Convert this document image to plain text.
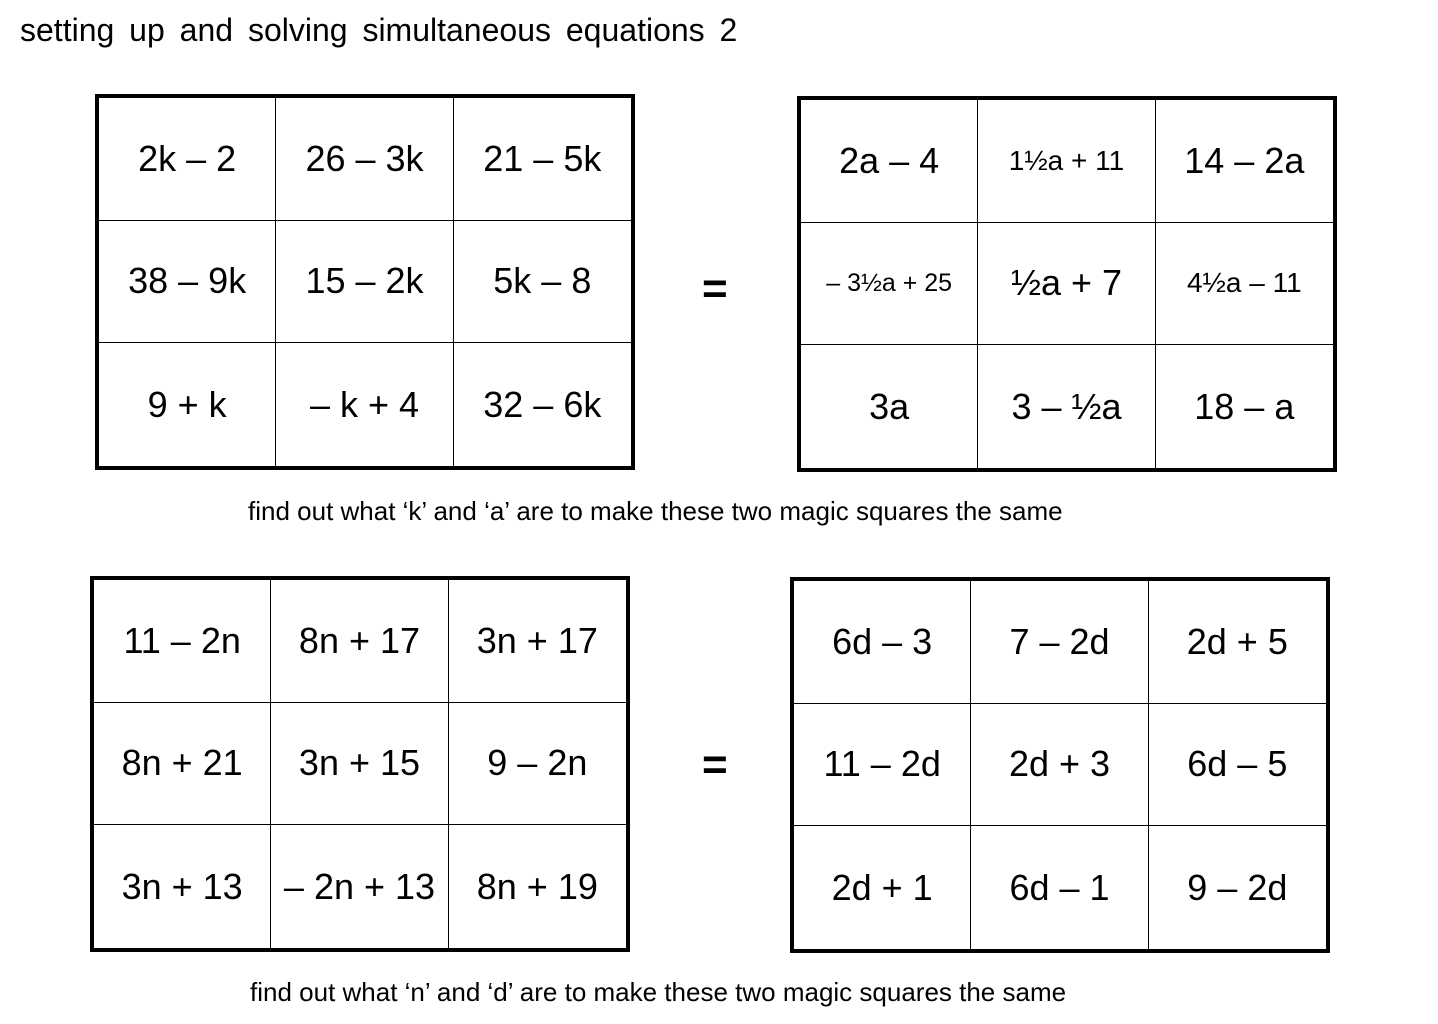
setting up and solving simultaneous equations 2
2k – 2	26 – 3k	21 – 5k
38 – 9k	15 – 2k	5k – 8
9 + k	– k + 4	32 – 6k
=
2a – 4	1½a + 11	14 – 2a
– 3½a + 25	½a + 7	4½a – 11
3a	3 – ½a	18 – a
find out what ‘k’ and ‘a’ are to make these two magic squares the same
11 – 2n	8n + 17	3n + 17
8n + 21	3n + 15	9 – 2n
3n + 13	– 2n + 13	8n + 19
=
6d – 3	7 – 2d	2d + 5
11 – 2d	2d + 3	6d – 5
2d + 1	6d – 1	9 – 2d
find out what ‘n’ and ‘d’ are to make these two magic squares the same
